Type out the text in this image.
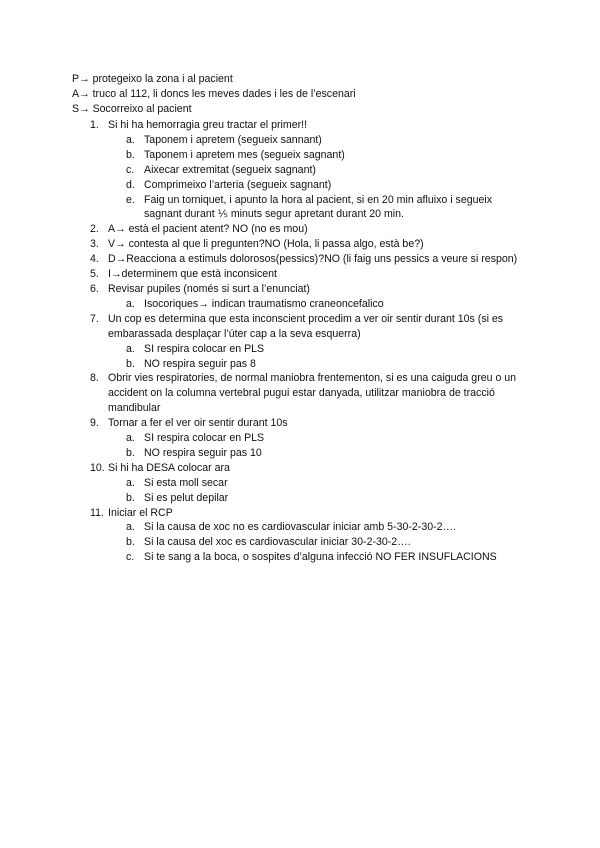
P→ protegeixo la zona i al pacient
A→ truco al 112, li doncs les meves dades i les de l’escenari
S→ Socorreixo al pacient
1. Si hi ha hemorragia greu tractar el primer!!
a. Taponem i apretem (segueix sannant)
b. Taponem i apretem mes (segueix sagnant)
c. Aixecar extremitat (segueix sagnant)
d. Comprimeixo l’arteria (segueix sagnant)
e. Faig un torniquet, i apunto la hora al pacient, si en 20 min afluixo i segueix sagnant durant ⅕ minuts segur apretant durant 20 min.
2. A→ està el pacient atent? NO (no es mou)
3. V→ contesta al que li pregunten?NO (Hola, li passa algo, està be?)
4. D→Reacciona a estimuls dolorosos(pessics)?NO (li faig uns pessics a veure si respon)
5. I→determinem que està inconsicent
6. Revisar pupiles (només si surt a l’enunciat)
a. Isocoriques→ indican traumatismo craneoncefalico
7. Un cop es determina que esta inconscient procedim a ver oir sentir durant 10s (si es embarassada desplaçar l’úter cap a la seva esquerra)
a. SI respira colocar en PLS
b. NO respira seguir pas 8
8. Obrir vies respiratories, de normal maniobra frentementon, si es una caiguda greu o un accident on la columna vertebral pugui estar danyada, utilitzar maniobra de tracció mandibular
9. Tornar a fer el ver oir sentir durant 10s
a. SI respira colocar en PLS
b. NO respira seguir pas 10
10. Si hi ha DESA colocar ara
a. Si esta moll secar
b. Si es pelut depilar
11. Iniciar el RCP
a. Si la causa de xoc no es cardiovascular iniciar amb 5-30-2-30-2….
b. Si la causa del xoc es cardiovascular iniciar 30-2-30-2….
c. Si te sang a la boca, o sospites d’alguna infecció NO FER INSUFLACIONS
